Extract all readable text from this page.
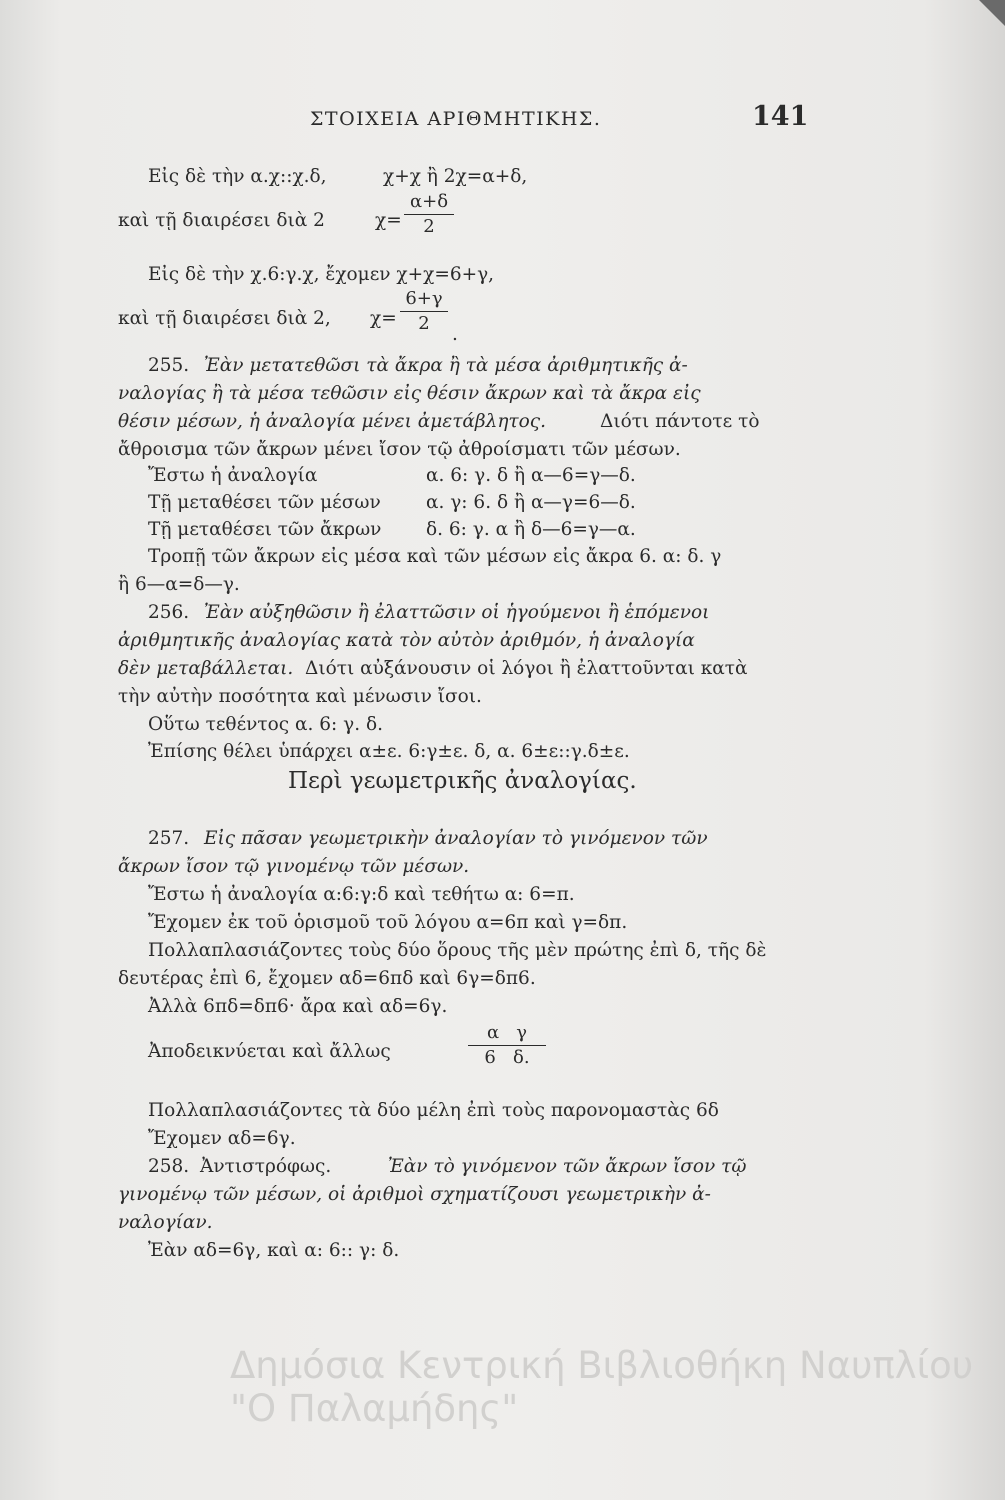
ΣΤΟΙΧΕΙΑ ΑΡΙΘΜΗΤΙΚΗΣ.	141
Εἰς δὲ τὴν α.χ::χ.δ,	χ+χ ἢ 2χ=α+δ,
καὶ τῇ διαιρέσει διὰ 2	χ=
α+δ
2
Εἰς δὲ τὴν χ.6:γ.χ, ἔχομεν χ+χ=6+γ,
καὶ τῇ διαιρέσει διὰ 2, χ=
6+γ
2
.
255. Ἐὰν μετατεθῶσι τὰ ἄκρα ἢ τὰ μέσα ἀριθμητικῆς ἀ-
ναλογίας ἢ τὰ μέσα τεθῶσιν εἰς θέσιν ἄκρων καὶ τὰ ἄκρα εἰς
θέσιν μέσων, ἡ ἀναλογία μένει ἀμετάβλητος.	Διότι πάντοτε τὸ
ἄθροισμα τῶν ἄκρων μένει ἴσον τῷ ἀθροίσματι τῶν μέσων.
Ἔστω ἡ ἀναλογία	α. 6: γ. δ ἢ α—6=γ—δ.
Τῇ μεταθέσει τῶν μέσων α. γ: 6. δ ἢ α—γ=6—δ.
Τῇ μεταθέσει τῶν ἄκρων δ. 6: γ. α ἢ δ—6=γ—α.
Τροπῇ τῶν ἄκρων εἰς μέσα καὶ τῶν μέσων εἰς ἄκρα 6. α: δ. γ
ἢ 6—α=δ—γ.
256. Ἐὰν αὐξηθῶσιν ἢ ἐλαττῶσιν οἱ ἡγούμενοι ἢ ἑπόμενοι
ἀριθμητικῆς ἀναλογίας κατὰ τὸν αὐτὸν ἀριθμόν, ἡ ἀναλογία
δὲν μεταβάλλεται. Διότι αὐξάνουσιν οἱ λόγοι ἢ ἐλαττοῦνται κατὰ
τὴν αὐτὴν ποσότητα καὶ μένωσιν ἴσοι.
Οὕτω τεθέντος α. 6: γ. δ.
Ἐπίσης θέλει ὑπάρχει α±ε. 6:γ±ε. δ, α. 6±ε::γ.δ±ε.
Περὶ γεωμετρικῆς ἀναλογίας.
257. Εἰς πᾶσαν γεωμετρικὴν ἀναλογίαν τὸ γινόμενον τῶν
ἄκρων ἴσον τῷ γινομένῳ τῶν μέσων.
Ἔστω ἡ ἀναλογία α:6:γ:δ καὶ τεθήτω α: 6=π.
Ἔχομεν ἐκ τοῦ ὁρισμοῦ τοῦ λόγου α=6π καὶ γ=δπ.
Πολλαπλασιάζοντες τοὺς δύο ὅρους τῆς μὲν πρώτης ἐπὶ δ, τῆς δὲ
δευτέρας ἐπὶ 6, ἔχομεν αδ=6πδ καὶ 6γ=δπ6.
Ἀλλὰ 6πδ=δπ6· ἄρα καὶ αδ=6γ.
Ἀποδεικνύεται καὶ ἄλλως
α   γ
6   δ.
Πολλαπλασιάζοντες τὰ δύο μέλη ἐπὶ τοὺς παρονομαστὰς 6δ
Ἔχομεν αδ=6γ.
258. Ἀντιστρόφως.	Ἐὰν τὸ γινόμενον τῶν ἄκρων ἴσον τῷ
γινομένῳ τῶν μέσων, οἱ ἀριθμοὶ σχηματίζουσι γεωμετρικὴν ἀ-
ναλογίαν.
Ἐὰν αδ=6γ, καὶ α: 6:: γ: δ.
Δημόσια Κεντρική Βιβλιοθήκη Ναυπλίου
"Ο Παλαμήδης"
